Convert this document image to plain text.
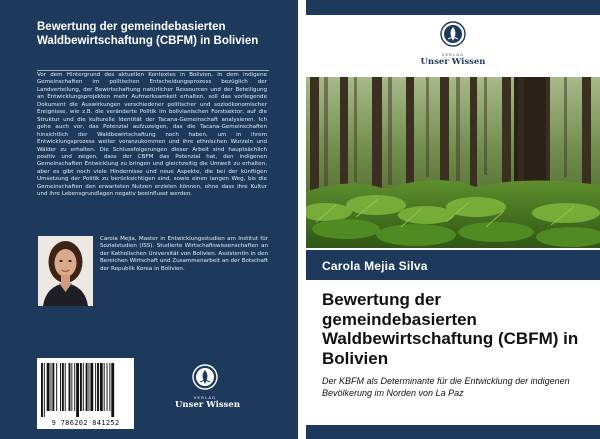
Bewertung der gemeindebasierten Waldbewirtschaftung (CBFM) in Bolivien
Vor dem Hintergrund des aktuellen Kontextes in Bolivien, in dem indigene Gemeinschaften im politischen Entscheidungsprozess bezüglich der Landverteilung, der Bewirtschaftung natürlicher Ressourcen und der Beteiligung an Entwicklungsprojekten mehr Aufmerksamkeit erhalten, soll das vorliegende Dokument die Auswirkungen verschiedener politischer und sozioökonomischer Ereignisse, wie z.B. die veränderte Politik im bolivianischen Forstsektor, auf die Struktur und die kulturelle Identität der Tacana-Gemeinschaft analysieren. Ich gehe auch vor, das Potenzial aufzuzeigen, das die Tacana-Gemeinschaften hinsichtlich der Waldbewirtschaftung noch haben, um in ihrem Entwicklungsprozess weiter voranzukommen und ihre ethnischen Wurzeln und Wälder zu erhalten. Die Schlussfolgerungen dieser Arbeit sind hauptsächlich positiv und zeigen, dass der CBFM das Potenzial hat, den indigenen Gemeinschaften Entwicklung zu bringen und gleichzeitig die Umwelt zu erhalten, aber es gibt noch viele Hindernisse und neue Aspekte, die bei der künftigen Umsetzung der Politik zu berücksichtigen sind, sowie einen langen Weg, bis die Gemeinschaften den erwarteten Nutzen erzielen können, ohne dass ihre Kultur und ihre Lebensgrundlagen negativ beeinflusst werden.
Carola Mejia, Master in Entwicklungsstudien am Institut für Sozialstudien (ISS). Studierte Wirtschaftswissenschaften an der Katholischen Universität von Bolivien. Assistentin in den Bereichen Wirtschaft und Zusammenarbeit an der Botschaft der Republik Korea in Bolivien.
9 786202 841252
VERLAG
Unser Wissen
VERLAG
Unser Wissen
Carola Mejia Silva
Bewertung der gemeindebasierten Waldbewirtschaftung (CBFM) in Bolivien
Der KBFM als Determinante für die Entwicklung der indigenen Bevölkerung im Norden von La Paz
